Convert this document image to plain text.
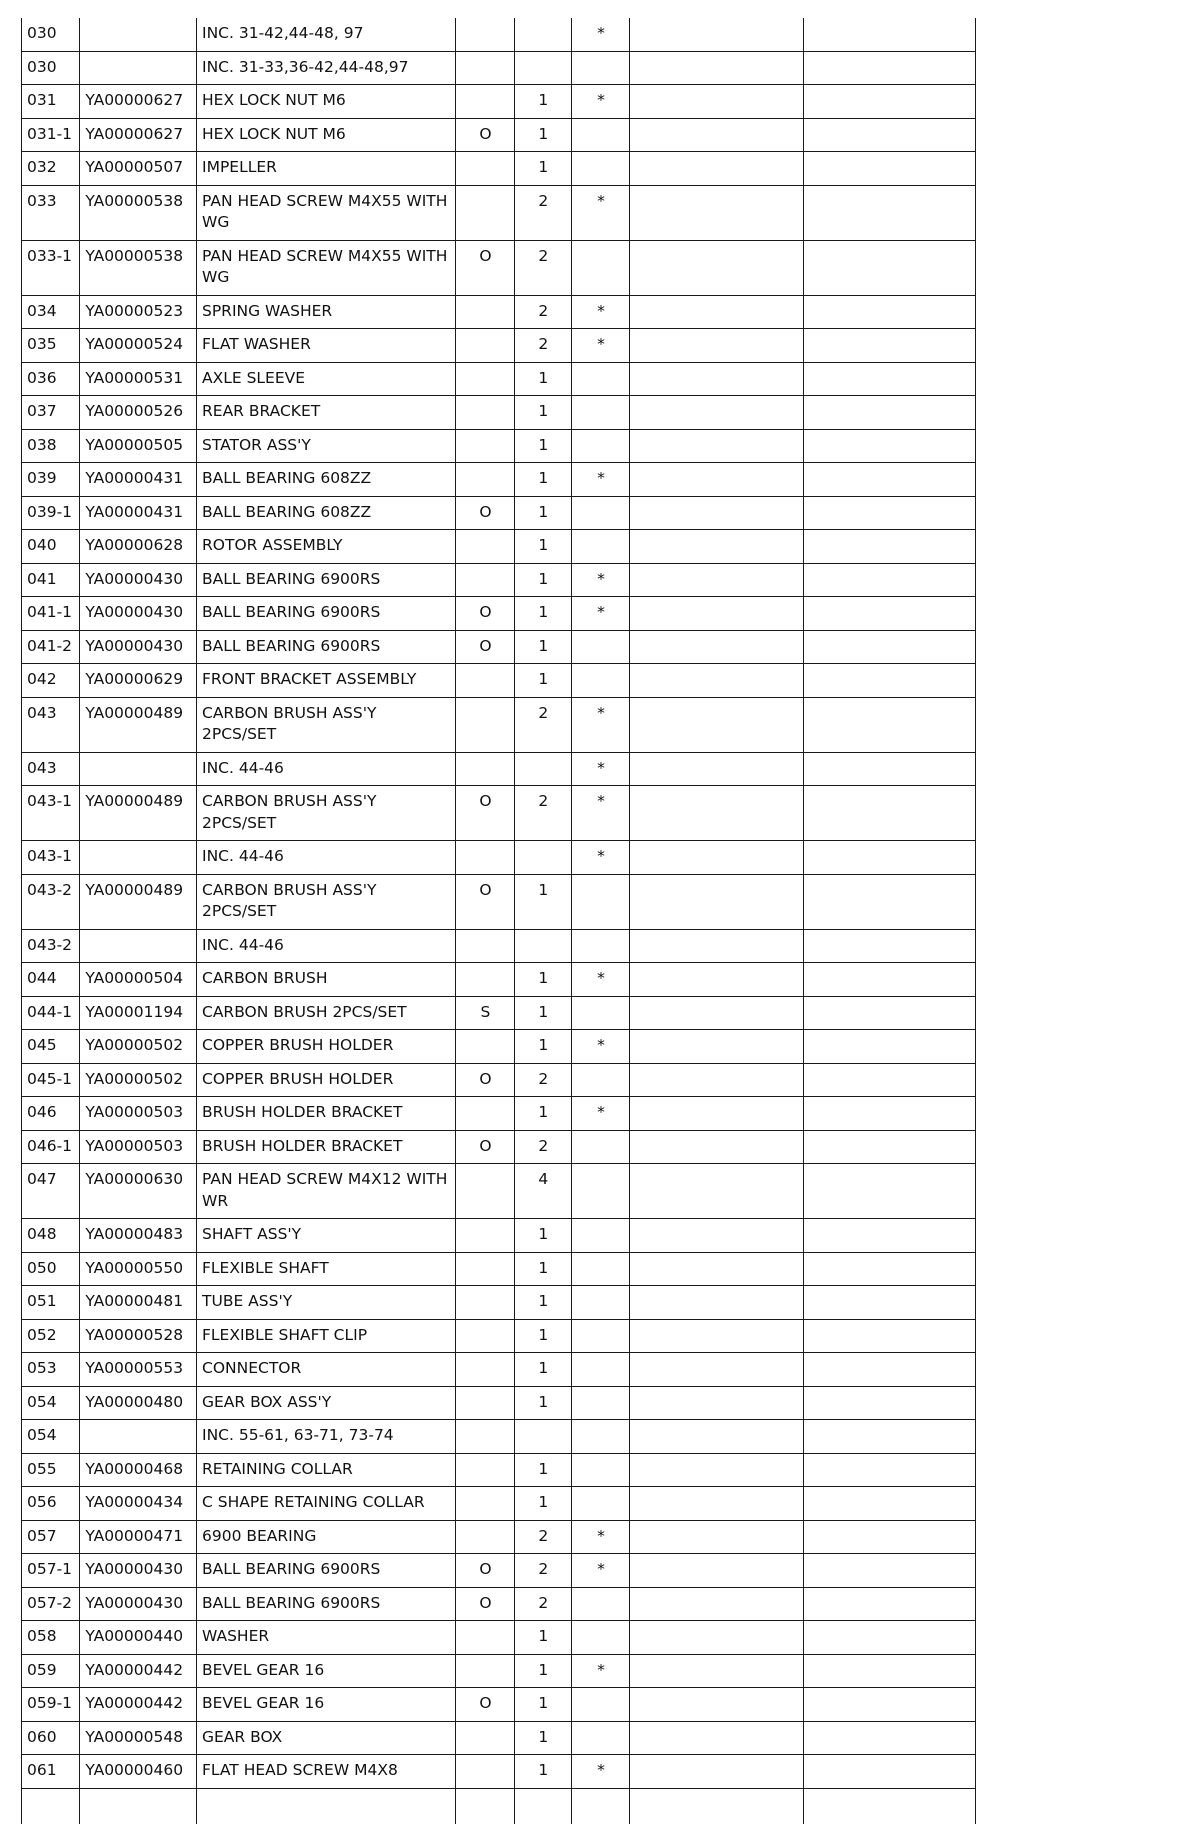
030		INC. 31-42,44-48, 97			*		
030		INC. 31-33,36-42,44-48,97					
031	YA00000627	HEX LOCK NUT M6		1	*		
031-1	YA00000627	HEX LOCK NUT M6	O	1			
032	YA00000507	IMPELLER		1			
033	YA00000538	PAN HEAD SCREW M4X55 WITH WG		2	*		
033-1	YA00000538	PAN HEAD SCREW M4X55 WITH WG	O	2			
034	YA00000523	SPRING WASHER		2	*		
035	YA00000524	FLAT WASHER		2	*		
036	YA00000531	AXLE SLEEVE		1			
037	YA00000526	REAR BRACKET		1			
038	YA00000505	STATOR ASS'Y		1			
039	YA00000431	BALL BEARING 608ZZ		1	*		
039-1	YA00000431	BALL BEARING 608ZZ	O	1			
040	YA00000628	ROTOR ASSEMBLY		1			
041	YA00000430	BALL BEARING 6900RS		1	*		
041-1	YA00000430	BALL BEARING 6900RS	O	1	*		
041-2	YA00000430	BALL BEARING 6900RS	O	1			
042	YA00000629	FRONT BRACKET ASSEMBLY		1			
043	YA00000489	CARBON BRUSH ASS'Y 2PCS/SET		2	*		
043		INC. 44-46			*		
043-1	YA00000489	CARBON BRUSH ASS'Y 2PCS/SET	O	2	*		
043-1		INC. 44-46			*		
043-2	YA00000489	CARBON BRUSH ASS'Y 2PCS/SET	O	1			
043-2		INC. 44-46					
044	YA00000504	CARBON BRUSH		1	*		
044-1	YA00001194	CARBON BRUSH 2PCS/SET	S	1			
045	YA00000502	COPPER BRUSH HOLDER		1	*		
045-1	YA00000502	COPPER BRUSH HOLDER	O	2			
046	YA00000503	BRUSH HOLDER BRACKET		1	*		
046-1	YA00000503	BRUSH HOLDER BRACKET	O	2			
047	YA00000630	PAN HEAD SCREW M4X12 WITH WR		4			
048	YA00000483	SHAFT ASS'Y		1			
050	YA00000550	FLEXIBLE SHAFT		1			
051	YA00000481	TUBE ASS'Y		1			
052	YA00000528	FLEXIBLE SHAFT CLIP		1			
053	YA00000553	CONNECTOR		1			
054	YA00000480	GEAR BOX ASS'Y		1			
054		INC. 55-61, 63-71, 73-74					
055	YA00000468	RETAINING COLLAR		1			
056	YA00000434	C SHAPE RETAINING COLLAR		1			
057	YA00000471	6900 BEARING		2	*		
057-1	YA00000430	BALL BEARING 6900RS	O	2	*		
057-2	YA00000430	BALL BEARING 6900RS	O	2			
058	YA00000440	WASHER		1			
059	YA00000442	BEVEL GEAR 16		1	*		
059-1	YA00000442	BEVEL GEAR 16	O	1			
060	YA00000548	GEAR BOX		1			
061	YA00000460	FLAT HEAD SCREW M4X8		1	*		
